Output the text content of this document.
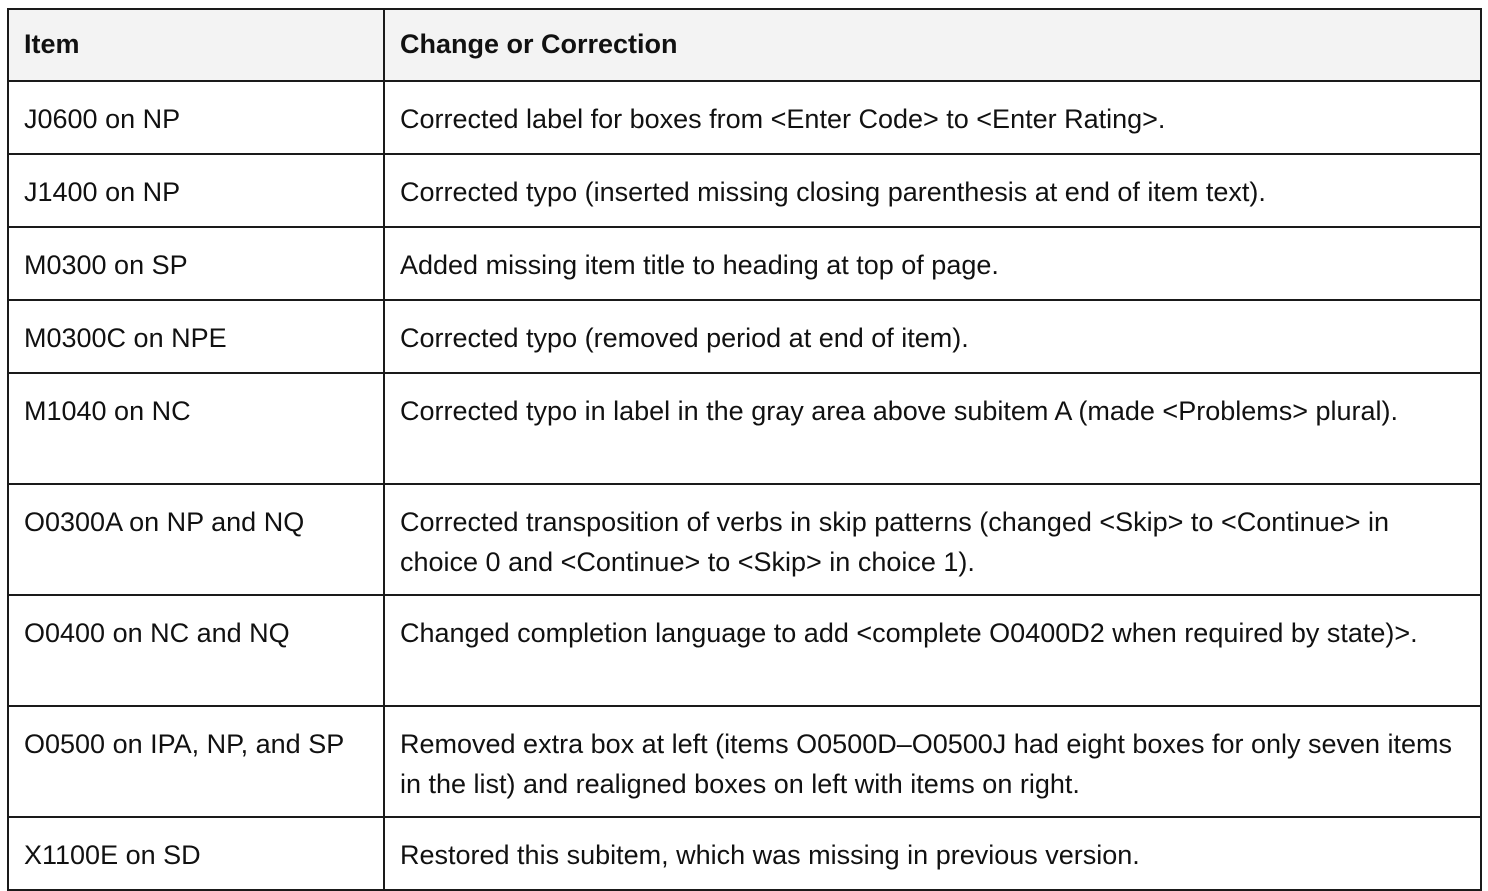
Item	Change or Correction
J0600 on NP	Corrected label for boxes from <Enter Code> to <Enter Rating>.
J1400 on NP	Corrected typo (inserted missing closing parenthesis at end of item text).
M0300 on SP	Added missing item title to heading at top of page.
M0300C on NPE	Corrected typo (removed period at end of item).
M1040 on NC	Corrected typo in label in the gray area above subitem A (made <Problems> plural).
O0300A on NP and NQ	Corrected transposition of verbs in skip patterns (changed <Skip> to <Continue> in choice 0 and <Continue> to <Skip> in choice 1).
O0400 on NC and NQ	Changed completion language to add <complete O0400D2 when required by state)>.
O0500 on IPA, NP, and SP	Removed extra box at left (items O0500D–O0500J had eight boxes for only seven items in the list) and realigned boxes on left with items on right.
X1100E on SD	Restored this subitem, which was missing in previous version.
